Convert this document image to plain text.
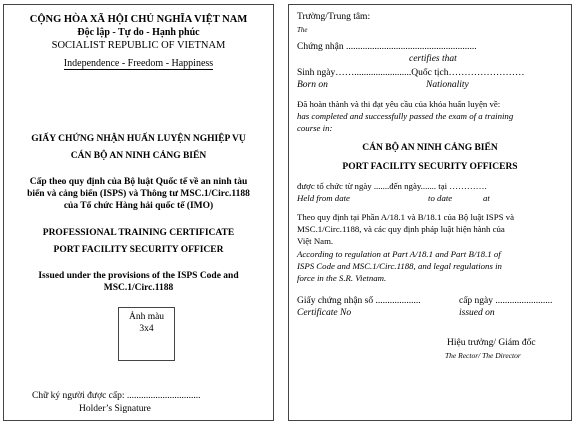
CỘNG HÒA XÃ HỘI CHỦ NGHĨA VIỆT NAM
Độc lập - Tự do - Hạnh phúc
SOCIALIST REPUBLIC OF VIETNAM
Independence - Freedom - Happiness
GIẤY CHỨNG NHẬN HUẤN LUYỆN NGHIỆP VỤ
CÁN BỘ AN NINH CẢNG BIỂN
Cấp theo quy định của Bộ luật Quốc tế về an ninh tàu
biển và cảng biển (ISPS) và Thông tư MSC.1/Circ.1188
của Tổ chức Hàng hải quốc tế (IMO)
PROFESSIONAL TRAINING CERTIFICATE
PORT FACILITY SECURITY OFFICER
Issued under the provisions of the ISPS Code and
MSC.1/Circ.1188
Ảnh màu
3x4
Chữ ký người được cấp: ...............................
Holder’s Signature
Trường/Trung tâm:
The
Chứng nhận .......................................................
certifies that
Sinh ngày……........................Quốc tịch……………………
Born on	Nationality
Đã hoàn thành và thi đạt yêu cầu của khóa huấn luyện về:
has completed and successfully passed the exam of a training
course in:
CÁN BỘ AN NINH CẢNG BIỂN
PORT FACILITY SECURITY OFFICERS
được tổ chức từ ngày .......đến ngày....... tại ………….
Held from date	to date	at
Theo quy định tại Phần A/18.1 và B/18.1 của Bộ luật ISPS và
MSC.1/Circ.1188, và các quy định pháp luật hiện hành của
Việt Nam.
According to regulation at Part A/18.1 and Part B/18.1 of
ISPS Code and MSC.1/Circ.1188, and legal regulations in
force in the S.R. Vietnam.
Giấy chứng nhận số ...................	cấp ngày ........................
Certificate No	issued on
Hiệu trưởng/ Giám đốc
The Rector/ The Director
